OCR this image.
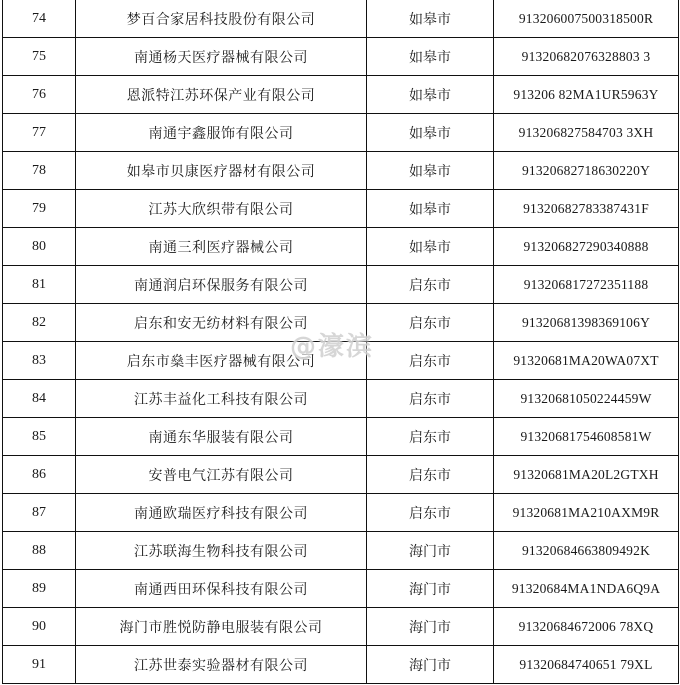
74	梦百合家居科技股份有限公司	如皋市	913206007500318500R
75	南通杨天医疗器械有限公司	如皋市	91320682076328803 3
76	恩派特江苏环保产业有限公司	如皋市	913206 82MA1UR5963Y
77	南通宇鑫服饰有限公司	如皋市	913206827584703 3XH
78	如皋市贝康医疗器材有限公司	如皋市	91320682718630220Y
79	江苏大欣织带有限公司	如皋市	91320682783387431F
80	南通三利医疗器械公司	如皋市	913206827290340888
81	南通润启环保服务有限公司	启东市	913206817272351188
82	启东和安无纺材料有限公司	启东市	91320681398369106Y
83	启东市燊丰医疗器械有限公司	启东市	91320681MA20WA07XT
84	江苏丰益化工科技有限公司	启东市	91320681050224459W
85	南通东华服装有限公司	启东市	91320681754608581W
86	安普电气江苏有限公司	启东市	91320681MA20L2GTXH
87	南通欧瑞医疗科技有限公司	启东市	91320681MA210AXM9R
88	江苏联海生物科技有限公司	海门市	91320684663809492K
89	南通西田环保科技有限公司	海门市	91320684MA1NDA6Q9A
90	海门市胜悦防静电服装有限公司	海门市	91320684672006 78XQ
91	江苏世泰实验器材有限公司	海门市	91320684740651 79XL
@濠滨
